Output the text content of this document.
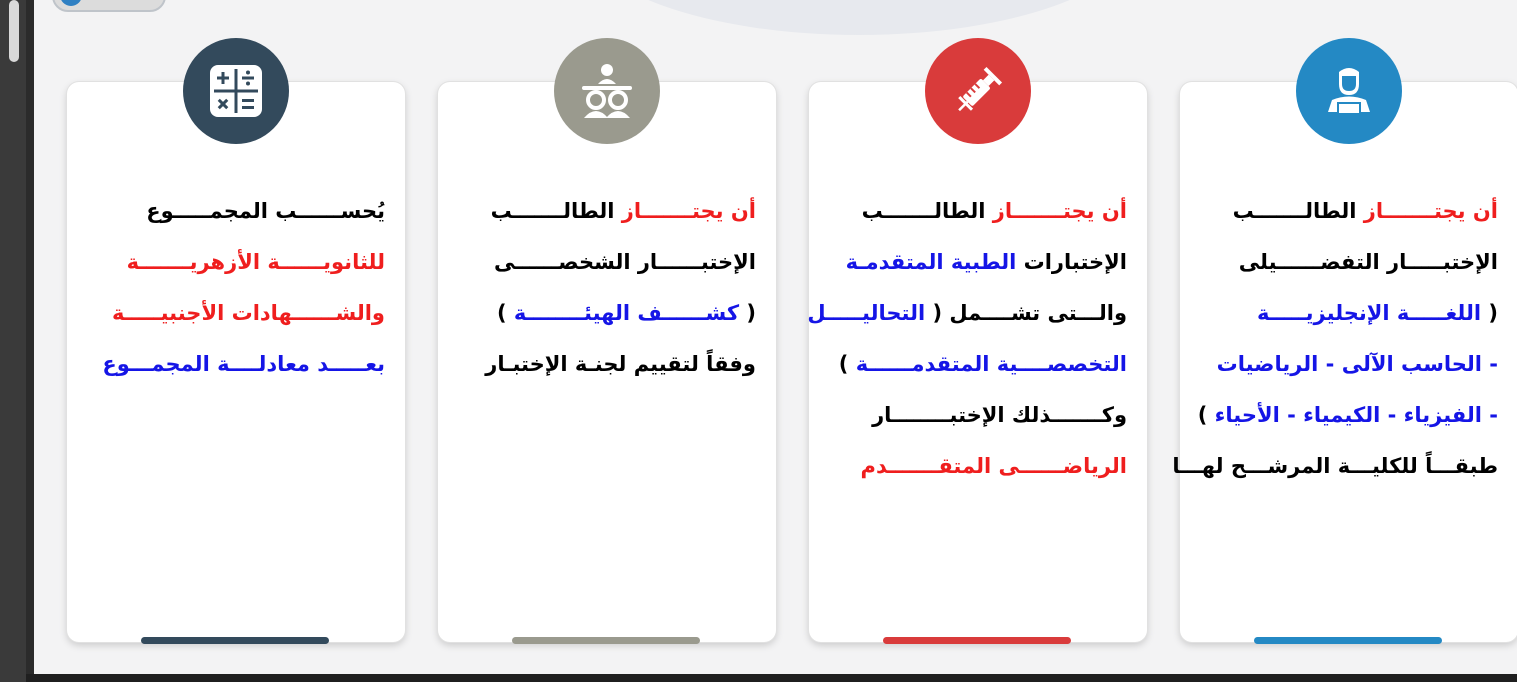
أن يجتـــــــاز الطالـــــــب
الإختبـــــار التفضــــــيلى
( اللغـــــة الإنجليزيـــــة
- الحاسب الآلى - الرياضيات
- الفيزياء - الكيمياء - الأحياء )
طبقـــاً للكليـــة المرشـــح لهـــا
أن يجتـــــــاز الطالـــــــب
الإختبارات الطبية المتقدمـة
والـــتى تشــــمل ( التحاليـــــل
التخصصــــية المتقدمــــــة )
وكـــــــذلك الإختبــــــــار
الرياضــــــى المتقـــــــدم
أن يجتـــــــاز الطالـــــــب
الإختبــــــار الشخصــــــى
( كشــــــف الهيئــــــــة )
وفقاً لتقييم لجنـة الإختبـار
يُحســــــب المجمـــــوع
للثانويــــــة الأزهريـــــــة
والشــــــهادات الأجنبيـــــة
بعـــــد معادلــــة المجمـــوع
